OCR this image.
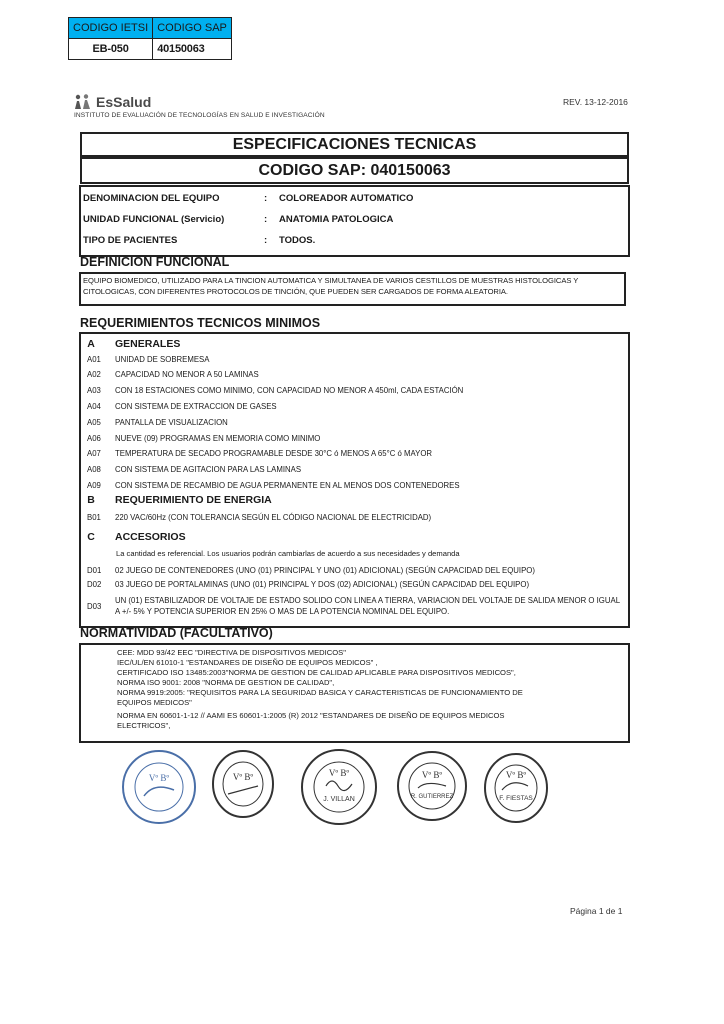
CODIGO IETSI	CODIGO SAP
EB-050	40150063
EsSalud
INSTITUTO DE EVALUACIÓN DE TECNOLOGÍAS EN SALUD E INVESTIGACIÓN
REV. 13-12-2016
ESPECIFICACIONES TECNICAS
CODIGO SAP: 040150063
DENOMINACION DEL EQUIPO	: COLOREADOR AUTOMATICO
UNIDAD FUNCIONAL (Servicio)	: ANATOMIA PATOLOGICA
TIPO DE PACIENTES	: TODOS.
DEFINICION FUNCIONAL
EQUIPO BIOMEDICO, UTILIZADO PARA LA TINCION AUTOMATICA Y SIMULTANEA DE VARIOS CESTILLOS DE MUESTRAS HISTOLOGICAS Y CITOLOGICAS, CON DIFERENTES PROTOCOLOS DE TINCIÓN, QUE PUEDEN SER CARGADOS DE FORMA ALEATORIA.
REQUERIMIENTOS TECNICOS MINIMOS
A	GENERALES
A01 UNIDAD DE SOBREMESA
A02 CAPACIDAD NO MENOR A 50 LAMINAS
A03 CON 18 ESTACIONES COMO MINIMO, CON CAPACIDAD NO MENOR A 450ml, CADA ESTACIÓN
A04 CON SISTEMA DE EXTRACCION DE GASES
A05 PANTALLA DE VISUALIZACION
A06 NUEVE (09) PROGRAMAS EN MEMORIA COMO MINIMO
A07 TEMPERATURA DE SECADO PROGRAMABLE DESDE 30°C ó MENOS A 65°C ó MAYOR
A08 CON SISTEMA DE AGITACION PARA LAS LAMINAS
A09 CON SISTEMA DE RECAMBIO DE AGUA PERMANENTE EN AL MENOS DOS CONTENEDORES
B	REQUERIMIENTO DE ENERGIA
B01 220 VAC/60Hz (CON TOLERANCIA SEGÚN EL CÓDIGO NACIONAL DE ELECTRICIDAD)
C	ACCESORIOS
La cantidad es referencial. Los usuarios podrán cambiarlas de acuerdo a sus necesidades y demanda
D01 02 JUEGO DE CONTENEDORES (UNO (01) PRINCIPAL Y UNO (01) ADICIONAL) (SEGÚN CAPACIDAD DEL EQUIPO)
D02 03 JUEGO DE PORTALAMINAS (UNO (01) PRINCIPAL Y DOS (02) ADICIONAL) (SEGÚN CAPACIDAD DEL EQUIPO)
D03
UN (01) ESTABILIZADOR DE VOLTAJE DE ESTADO SOLIDO CON LINEA A TIERRA, VARIACION DEL VOLTAJE DE SALIDA MENOR O IGUAL A +/- 5% Y POTENCIA SUPERIOR EN 25% O MAS DE LA POTENCIA NOMINAL DEL EQUIPO.
NORMATIVIDAD (FACULTATIVO)
CEE: MDD 93/42 EEC "DIRECTIVA DE DISPOSITIVOS MEDICOS"
IEC/UL/EN 61010-1 "ESTANDARES DE DISEÑO DE EQUIPOS MEDICOS" ,
CERTIFICADO ISO 13485:2003"NORMA DE GESTION DE CALIDAD APLICABLE PARA DISPOSITIVOS MEDICOS",
NORMA ISO 9001: 2008 "NORMA DE GESTION DE CALIDAD",
NORMA 9919:2005: "REQUISITOS PARA LA SEGURIDAD BASICA Y CARACTERISTICAS DE FUNCIONAMIENTO DE
EQUIPOS MEDICOS"
NORMA EN 60601-1-12 // AAMI ES 60601-1:2005 (R) 2012 "ESTANDARES DE DISEÑO DE EQUIPOS MEDICOS
ELECTRICOS",
Vº Bº	Vº Bº	Vº Bº
J. VILLAN
Vº Bº
R. GUTIERREZ
Vº Bº
F. FIESTAS
Página 1 de 1
